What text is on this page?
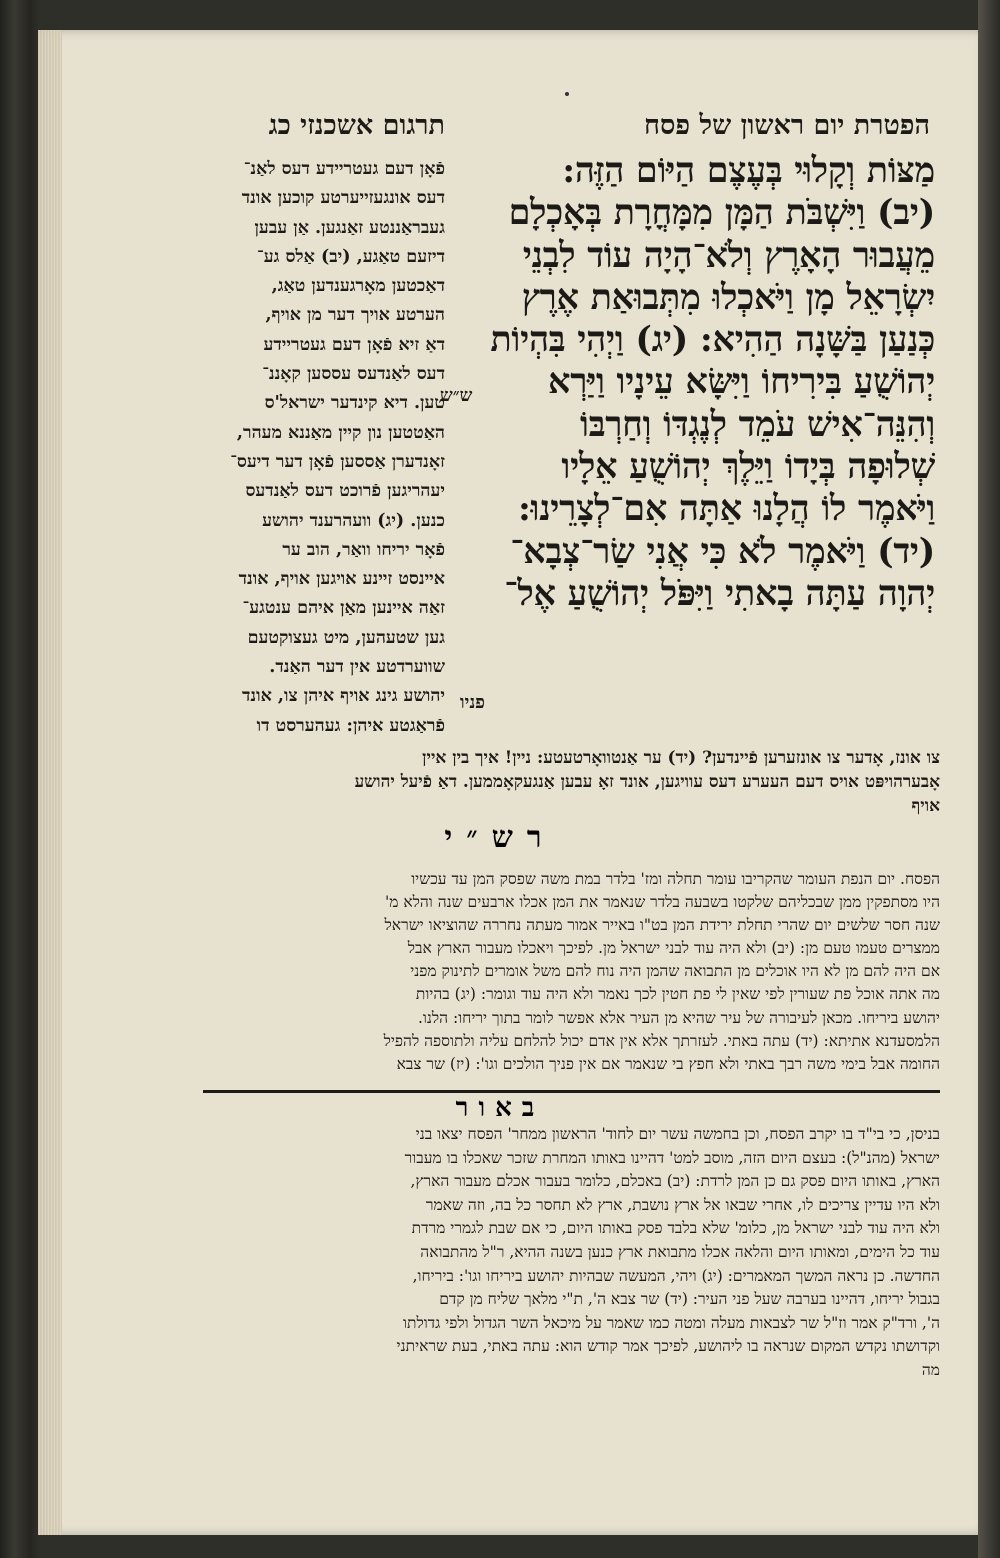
הפטרת יום ראשון של פסח
תרגום אשכנזי כג
מַצּוֹת וְקָלוּי בְּעֶצֶם הַיּוֹם הַזֶּה:
(יב) וַיִּשְׁבֹּת הַמָּן מִמָּחֳרָת בְּאָכְלָם
מֵעֲבוּר הָאָרֶץ וְלֹא־הָיָה עוֹד לִבְנֵי
יִשְׂרָאֵל מָן וַיֹּאכְלוּ מִתְּבוּאַת אֶרֶץ
כְּנַעַן בַּשָּׁנָה הַהִיא: (יג) וַיְהִי בִּהְיוֹת
יְהוֹשֻׁעַ בִּירִיחוֹ וַיִּשָּׂא עֵינָיו וַיַּרְא
וְהִנֵּה־אִישׁ עֹמֵד לְנֶגְדּוֹ וְחַרְבּוֹ
שְׁלוּפָה בְּיָדוֹ וַיֵּלֶךְ יְהוֹשֻׁעַ אֵלָיו
וַיֹּאמֶר לוֹ הֲלָנוּ אַתָּה אִם־לְצָרֵינוּ:
(יד) וַיֹּאמֶר לֹא כִּי אֲנִי שַׂר־צְבָא־
יְהוָה עַתָּה בָאתִי וַיִּפֹּל יְהוֹשֻׁעַ אֶל־
ש״ש
פניו
פֿאָן דעם געטריידע דעס לאַנ־
דעס אונגעזייערטע קוכען אונד
געבראַננטע זאַנגען. אַן עבען
דיזעם טאַגע, (יב) אַלס גע־
דאַכטען מאָרגענדען טאַג,
הערטע אויך דער מן אויף,
דאַ זיא פֿאָן דעם געטריידע
דעס לאַנדעס עססען קאָננ־
טען. דיא קינדער ישראל'ס
האַטטען נון קיין מאַננא מעהר,
זאָנדערן אַססען פֿאָן דער דיעס־
יעהריגען פֿרוכט דעס לאַנדעס
כנען. (יג) וועהרענד יהושע
פֿאָר יריחו וואַר, הוב ער
איינסט זיינע אויגען אויף, אונד
זאַה איינען מאַן איהם ענטגע־
גען שטעהען, מיט געצוקטעם
שווערדטע אין דער האַנד.
יהושע גינג אויף איהן צו, אונד
פֿראַגטע איהן: געהערסט דו
צו אונז, אָדער צו אונזערען פֿיינדען? (יד) ער אַנטוואָרטעטע: ניין! איך בין איין
אָבערהויפּט אויס דעם העערע דעס עוויגען, אונד זאָ עבען אַנגעקאָממען. דאַ פֿיעל יהושע
אויף
רש״י
הפסח. יום הנפת העומר שהקריבו עומר תחלה ומז' בלדר במת משה שפסק המן עד עכשיו
היו מסתפקין ממן שבכליהם שלקטו בשבעה בלדר שנאמר את המן אכלו ארבעים שנה והלא מ'
שנה חסר שלשים יום שהרי תחלת ירידת המן בט"ו באייר אמור מעתה נחררה שהוציאו ישראל
ממצרים טעמו טעם מן: (יב) ולא היה עוד לבני ישראל מן. לפיכך ויאכלו מעבור הארץ אבל
אם היה להם מן לא היו אוכלים מן התבואה שהמן היה נוח להם משל אומרים לתינוק מפני
מה אתה אוכל פת שעורין לפי שאין לי פת חטין לכך נאמר ולא היה עוד וגומר: (יג) בהיות
יהושע ביריחו. מכאן לעיבורה של עיר שהיא מן העיר אלא אפשר לומר בתוך יריחו: הלנו.
הלמסעדנא אתיתא: (יד) עתה באתי. לעזרתך אלא אין אדם יכול להלחם עליה ולתוספה להפיל
החומה אבל בימי משה רבך באתי ולא חפץ בי שנאמר אם אין פניך הולכים וגו': (יז) שר צבא
באור
בניסן, כי בי"ד בו יקרב הפסח, וכן בחמשה עשר יום לחוד' הראשון ממחר' הפסח יצאו בני
ישראל (מהנ"ל): בעצם היום הזה, מוסב למט' דהיינו באותו המחרת שזכר שאכלו בו מעבור
הארץ, באותו היום פסק גם כן המן לרדת: (יב) באכלם, כלומר בעבור אכלם מעבור הארץ,
ולא היו עדיין צריכים לו, אחרי שבאו אל ארץ נושבת, ארץ לא תחסר כל בה, וזה שאמר
ולא היה עוד לבני ישראל מן, כלומ' שלא בלבד פסק באותו היום, כי אם שבת לגמרי מרדת
עוד כל הימים, ומאותו היום והלאה אכלו מתבואת ארץ כנען בשנה ההיא, ר"ל מהתבואה
החדשה. כן נראה המשך המאמרים: (יג) ויהי, המעשה שבהיות יהושע ביריחו וגו': ביריחו,
בגבול יריחו, דהיינו בערבה שעל פני העיר: (יד) שר צבא ה', ת"י מלאך שליח מן קדם
ה', ורד"ק אמר וז"ל שר לצבאות מעלה ומטה כמו שאמר על מיכאל השר הגדול ולפי גדולתו
וקדושתו נקדש המקום שנראה בו ליהושע, לפיכך אמר קודש הוא: עתה באתי, בעת שראיתני
מה
